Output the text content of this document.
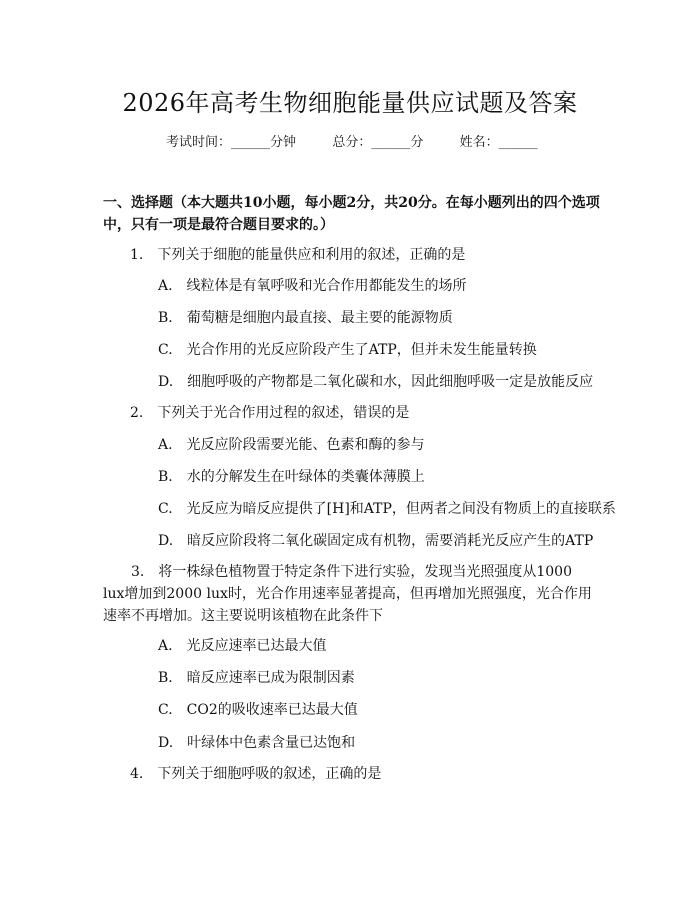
2026年高考生物细胞能量供应试题及答案
考试时间：______分钟	总分：______分	姓名：______
一、选择题（本大题共10小题，每小题2分，共20分。在每小题列出的四个选项中，只有一项是最符合题目要求的。）
1.　下列关于细胞的能量供应和利用的叙述，正确的是
A.　线粒体是有氧呼吸和光合作用都能发生的场所
B.　葡萄糖是细胞内最直接、最主要的能源物质
C.　光合作用的光反应阶段产生了ATP，但并未发生能量转换
D.　细胞呼吸的产物都是二氧化碳和水，因此细胞呼吸一定是放能反应
2.　下列关于光合作用过程的叙述，错误的是
A.　光反应阶段需要光能、色素和酶的参与
B.　水的分解发生在叶绿体的类囊体薄膜上
C.　光反应为暗反应提供了[H]和ATP，但两者之间没有物质上的直接联系
D.　暗反应阶段将二氧化碳固定成有机物，需要消耗光反应产生的ATP
3.　将一株绿色植物置于特定条件下进行实验，发现当光照强度从1000 lux增加到2000 lux时，光合作用速率显著提高，但再增加光照强度，光合作用速率不再增加。这主要说明该植物在此条件下
A.　光反应速率已达最大值
B.　暗反应速率已成为限制因素
C.　CO2的吸收速率已达最大值
D.　叶绿体中色素含量已达饱和
4.　下列关于细胞呼吸的叙述，正确的是
